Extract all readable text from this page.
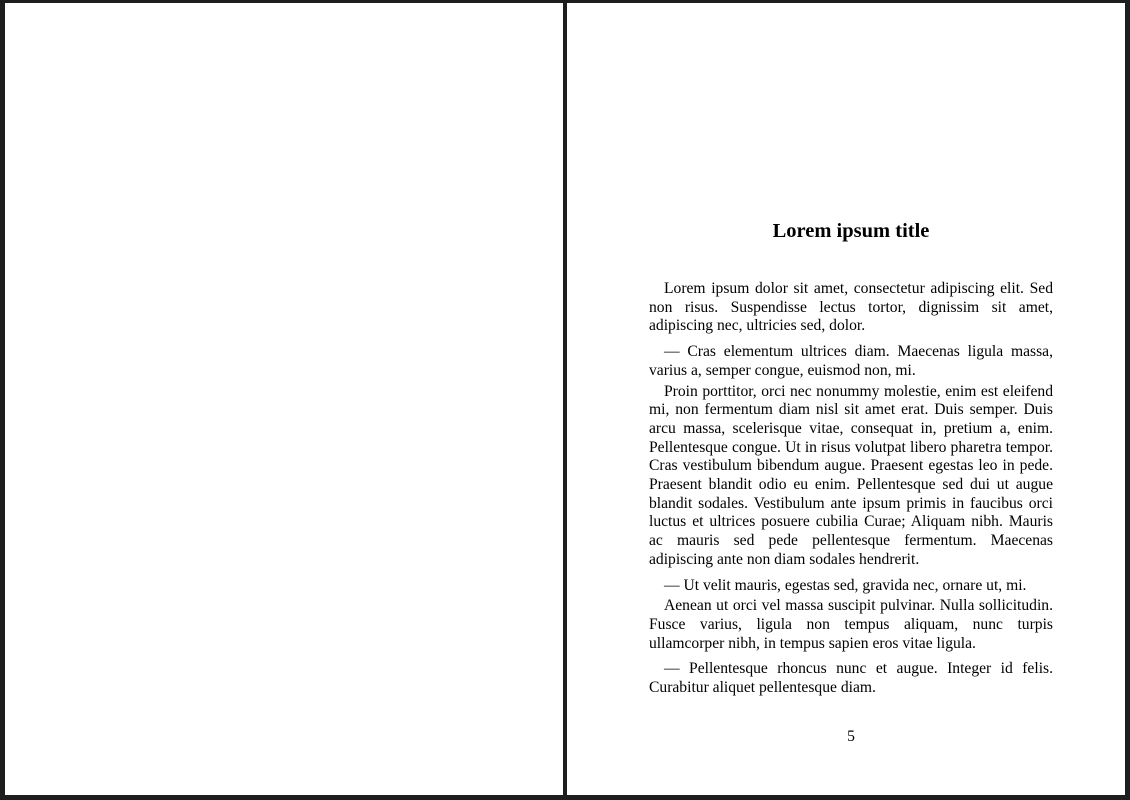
Lorem ipsum title

Lorem ipsum dolor sit amet, consectetur adipiscing elit. Sed non risus. Suspendisse lectus tortor, dignissim sit amet, adipiscing nec, ultricies sed, dolor.

— Cras elementum ultrices diam. Maecenas ligula massa, varius a, semper congue, euismod non, mi.

Proin porttitor, orci nec nonummy molestie, enim est eleifend mi, non fermentum diam nisl sit amet erat. Duis semper. Duis arcu massa, scelerisque vitae, consequat in, pretium a, enim. Pellentesque congue. Ut in risus volutpat libero pharetra tempor. Cras vestibulum bibendum augue. Praesent egestas leo in pede. Praesent blandit odio eu enim. Pellentesque sed dui ut augue blandit sodales. Vestibulum ante ipsum primis in faucibus orci luctus et ultrices posuere cubilia Curae; Aliquam nibh. Mauris ac mauris sed pede pellentesque fermentum. Maecenas adipiscing ante non diam sodales hendrerit.

— Ut velit mauris, egestas sed, gravida nec, ornare ut, mi.

Aenean ut orci vel massa suscipit pulvinar. Nulla sollicitudin. Fusce varius, ligula non tempus aliquam, nunc turpis ullamcorper nibh, in tempus sapien eros vitae ligula.

— Pellentesque rhoncus nunc et augue. Integer id felis. Curabitur aliquet pellentesque diam.

5
